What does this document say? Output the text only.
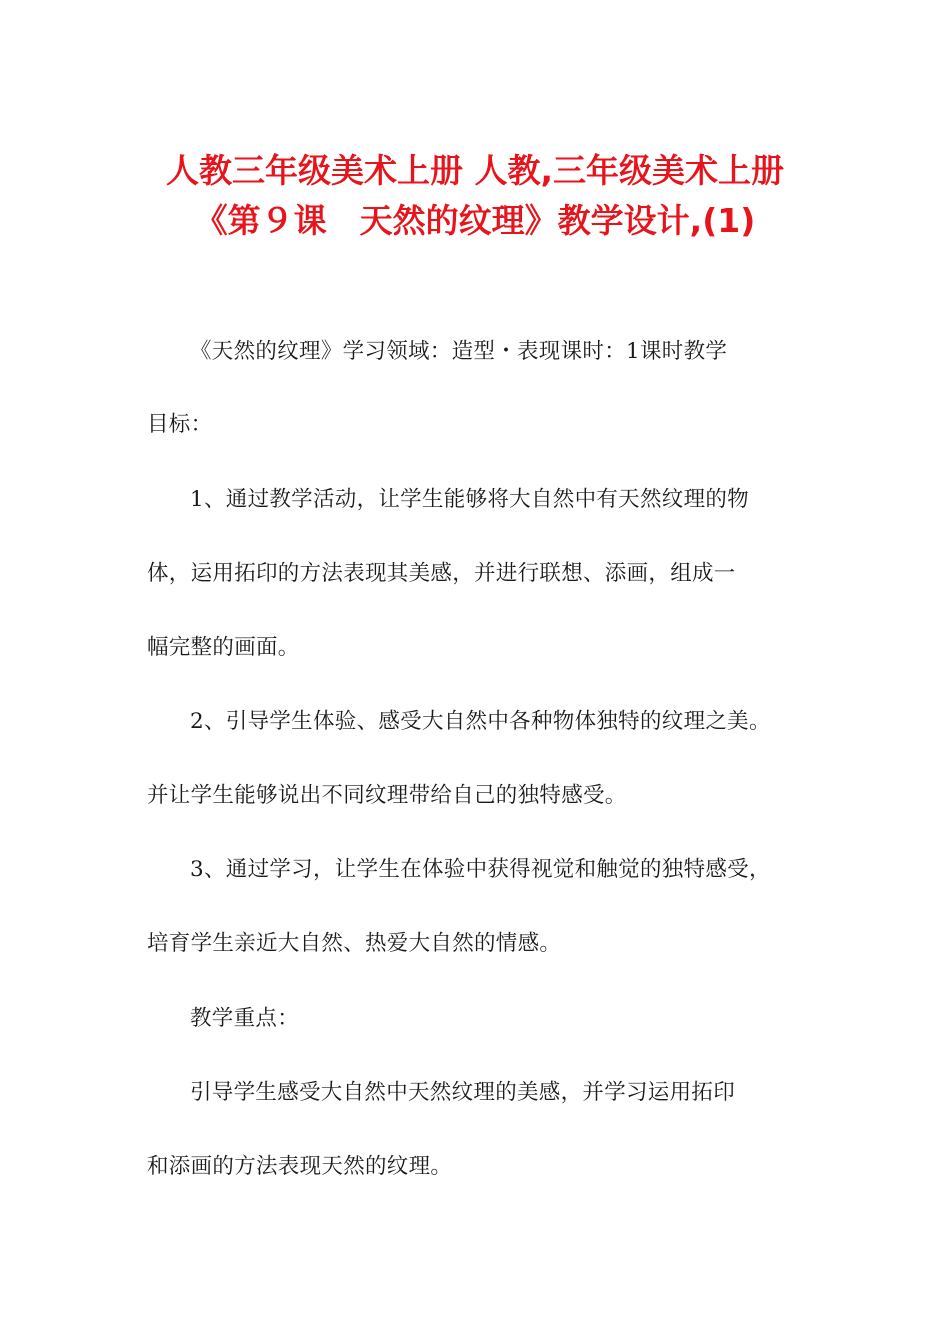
人教三年级美术上册 人教,三年级美术上册
《第９课　天然的纹理》教学设计,(1)
《天然的纹理》学习领域：造型・表现课时：1课时教学
目标：
1、通过教学活动，让学生能够将大自然中有天然纹理的物
体，运用拓印的方法表现其美感，并进行联想、添画，组成一
幅完整的画面。
2、引导学生体验、感受大自然中各种物体独特的纹理之美。
并让学生能够说出不同纹理带给自己的独特感受。
3、通过学习，让学生在体验中获得视觉和触觉的独特感受，
培育学生亲近大自然、热爱大自然的情感。
教学重点：
引导学生感受大自然中天然纹理的美感，并学习运用拓印
和添画的方法表现天然的纹理。
